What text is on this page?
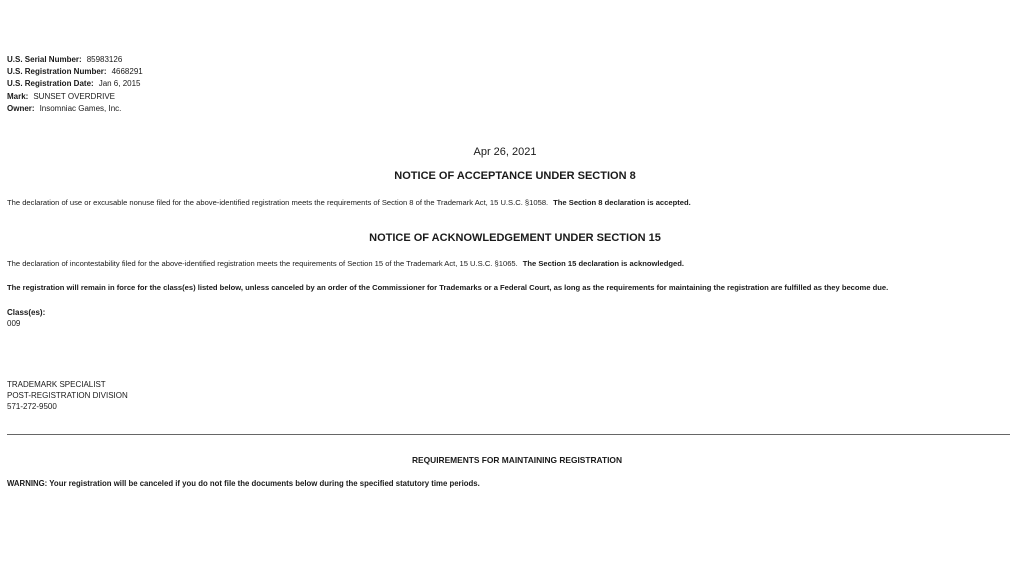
U.S. Serial Number: 85983126
U.S. Registration Number: 4668291
U.S. Registration Date: Jan 6, 2015
Mark: SUNSET OVERDRIVE
Owner: Insomniac Games, Inc.
Apr 26, 2021
NOTICE OF ACCEPTANCE UNDER SECTION 8
The declaration of use or excusable nonuse filed for the above-identified registration meets the requirements of Section 8 of the Trademark Act, 15 U.S.C. §1058. The Section 8 declaration is accepted.
NOTICE OF ACKNOWLEDGEMENT UNDER SECTION 15
The declaration of incontestability filed for the above-identified registration meets the requirements of Section 15 of the Trademark Act, 15 U.S.C. §1065. The Section 15 declaration is acknowledged.
The registration will remain in force for the class(es) listed below, unless canceled by an order of the Commissioner for Trademarks or a Federal Court, as long as the requirements for maintaining the registration are fulfilled as they become due.
Class(es):
009
TRADEMARK SPECIALIST
POST-REGISTRATION DIVISION
571-272-9500
REQUIREMENTS FOR MAINTAINING REGISTRATION
WARNING: Your registration will be canceled if you do not file the documents below during the specified statutory time periods.
